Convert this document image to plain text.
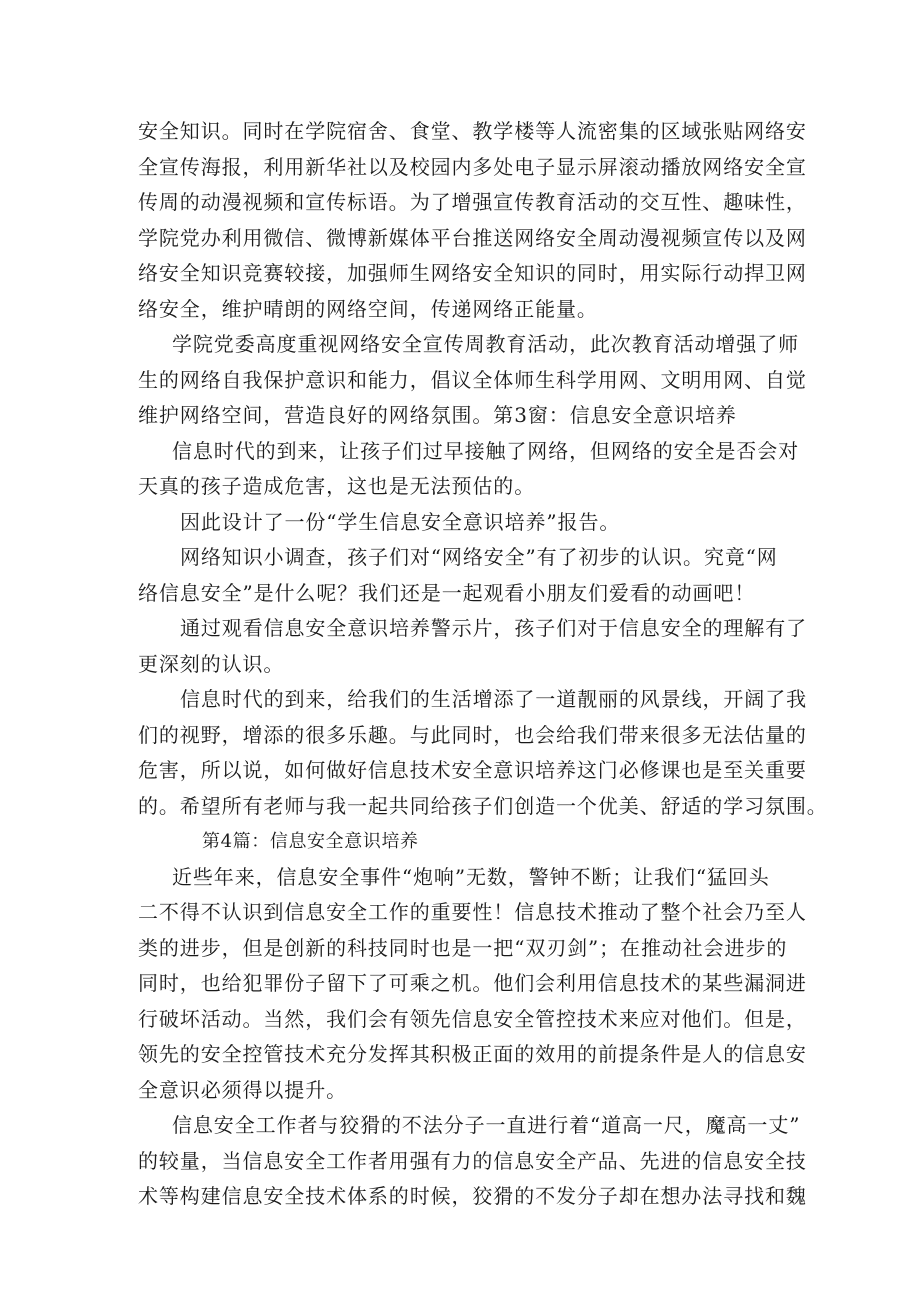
安全知识。同时在学院宿舍、食堂、教学楼等人流密集的区域张贴网络安
全宣传海报，利用新华社以及校园内多处电子显示屏滚动播放网络安全宣
传周的动漫视频和宣传标语。为了增强宣传教育活动的交互性、趣味性，
学院党办利用微信、微博新媒体平台推送网络安全周动漫视频宣传以及网
络安全知识竞赛较接，加强师生网络安全知识的同时，用实际行动捍卫网
络安全，维护晴朗的网络空间，传递网络正能量。
学院党委高度重视网络安全宣传周教育活动，此次教育活动增强了师
生的网络自我保护意识和能力，倡议全体师生科学用网、文明用网、自觉
维护网络空间，营造良好的网络氛围。第3窗：信息安全意识培养
信息时代的到来，让孩子们过早接触了网络，但网络的安全是否会对
天真的孩子造成危害，这也是无法预估的。
因此设计了一份“学生信息安全意识培养”报告。
网络知识小调查，孩子们对“网络安全”有了初步的认识。究竟“网
络信息安全”是什么呢？我们还是一起观看小朋友们爱看的动画吧！
通过观看信息安全意识培养警示片，孩子们对于信息安全的理解有了
更深刻的认识。
信息时代的到来，给我们的生活增添了一道靓丽的风景线，开阔了我
们的视野，增添的很多乐趣。与此同时，也会给我们带来很多无法估量的
危害，所以说，如何做好信息技术安全意识培养这门必修课也是至关重要
的。希望所有老师与我一起共同给孩子们创造一个优美、舒适的学习氛围。
第4篇：信息安全意识培养
近些年来，信息安全事件“炮响”无数，警钟不断；让我们“猛回头
二不得不认识到信息安全工作的重要性！信息技术推动了整个社会乃至人
类的进步，但是创新的科技同时也是一把“双刃剑”；在推动社会进步的
同时，也给犯罪份子留下了可乘之机。他们会利用信息技术的某些漏洞进
行破坏活动。当然，我们会有领先信息安全管控技术来应对他们。但是，
领先的安全控管技术充分发挥其积极正面的效用的前提条件是人的信息安
全意识必须得以提升。
信息安全工作者与狡猾的不法分子一直进行着“道高一尺，魔高一丈”
的较量，当信息安全工作者用强有力的信息安全产品、先进的信息安全技
术等构建信息安全技术体系的时候，狡猾的不发分子却在想办法寻找和魏
